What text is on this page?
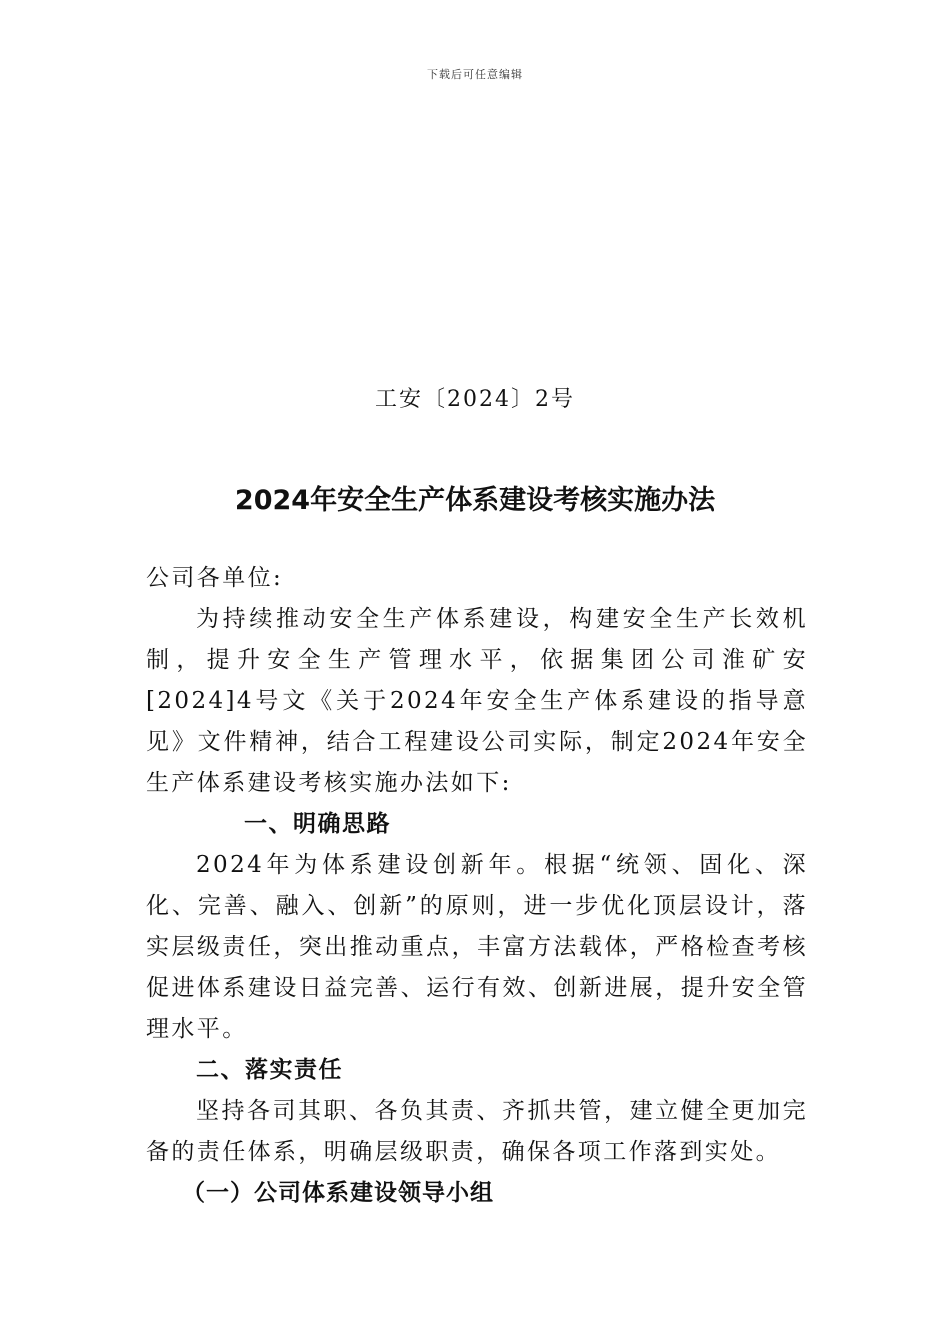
下载后可任意编辑
工安〔2024〕2号
2024年安全生产体系建设考核实施办法

公司各单位:

为持续推动安全生产体系建设，构建安全生产长效机制，提升安全生产管理水平，依据集团公司淮矿安[2024]4号文《关于2024年安全生产体系建设的指导意见》文件精神，结合工程建设公司实际，制定2024年安全生产体系建设考核实施办法如下:

一、明确思路

2024年为体系建设创新年。根据“统领、固化、深化、完善、融入、创新”的原则，进一步优化顶层设计，落实层级责任，突出推动重点，丰富方法载体，严格检查考核促进体系建设日益完善、运行有效、创新进展，提升安全管理水平。

二、落实责任

坚持各司其职、各负其责、齐抓共管，建立健全更加完备的责任体系，明确层级职责，确保各项工作落到实处。

（一）公司体系建设领导小组
